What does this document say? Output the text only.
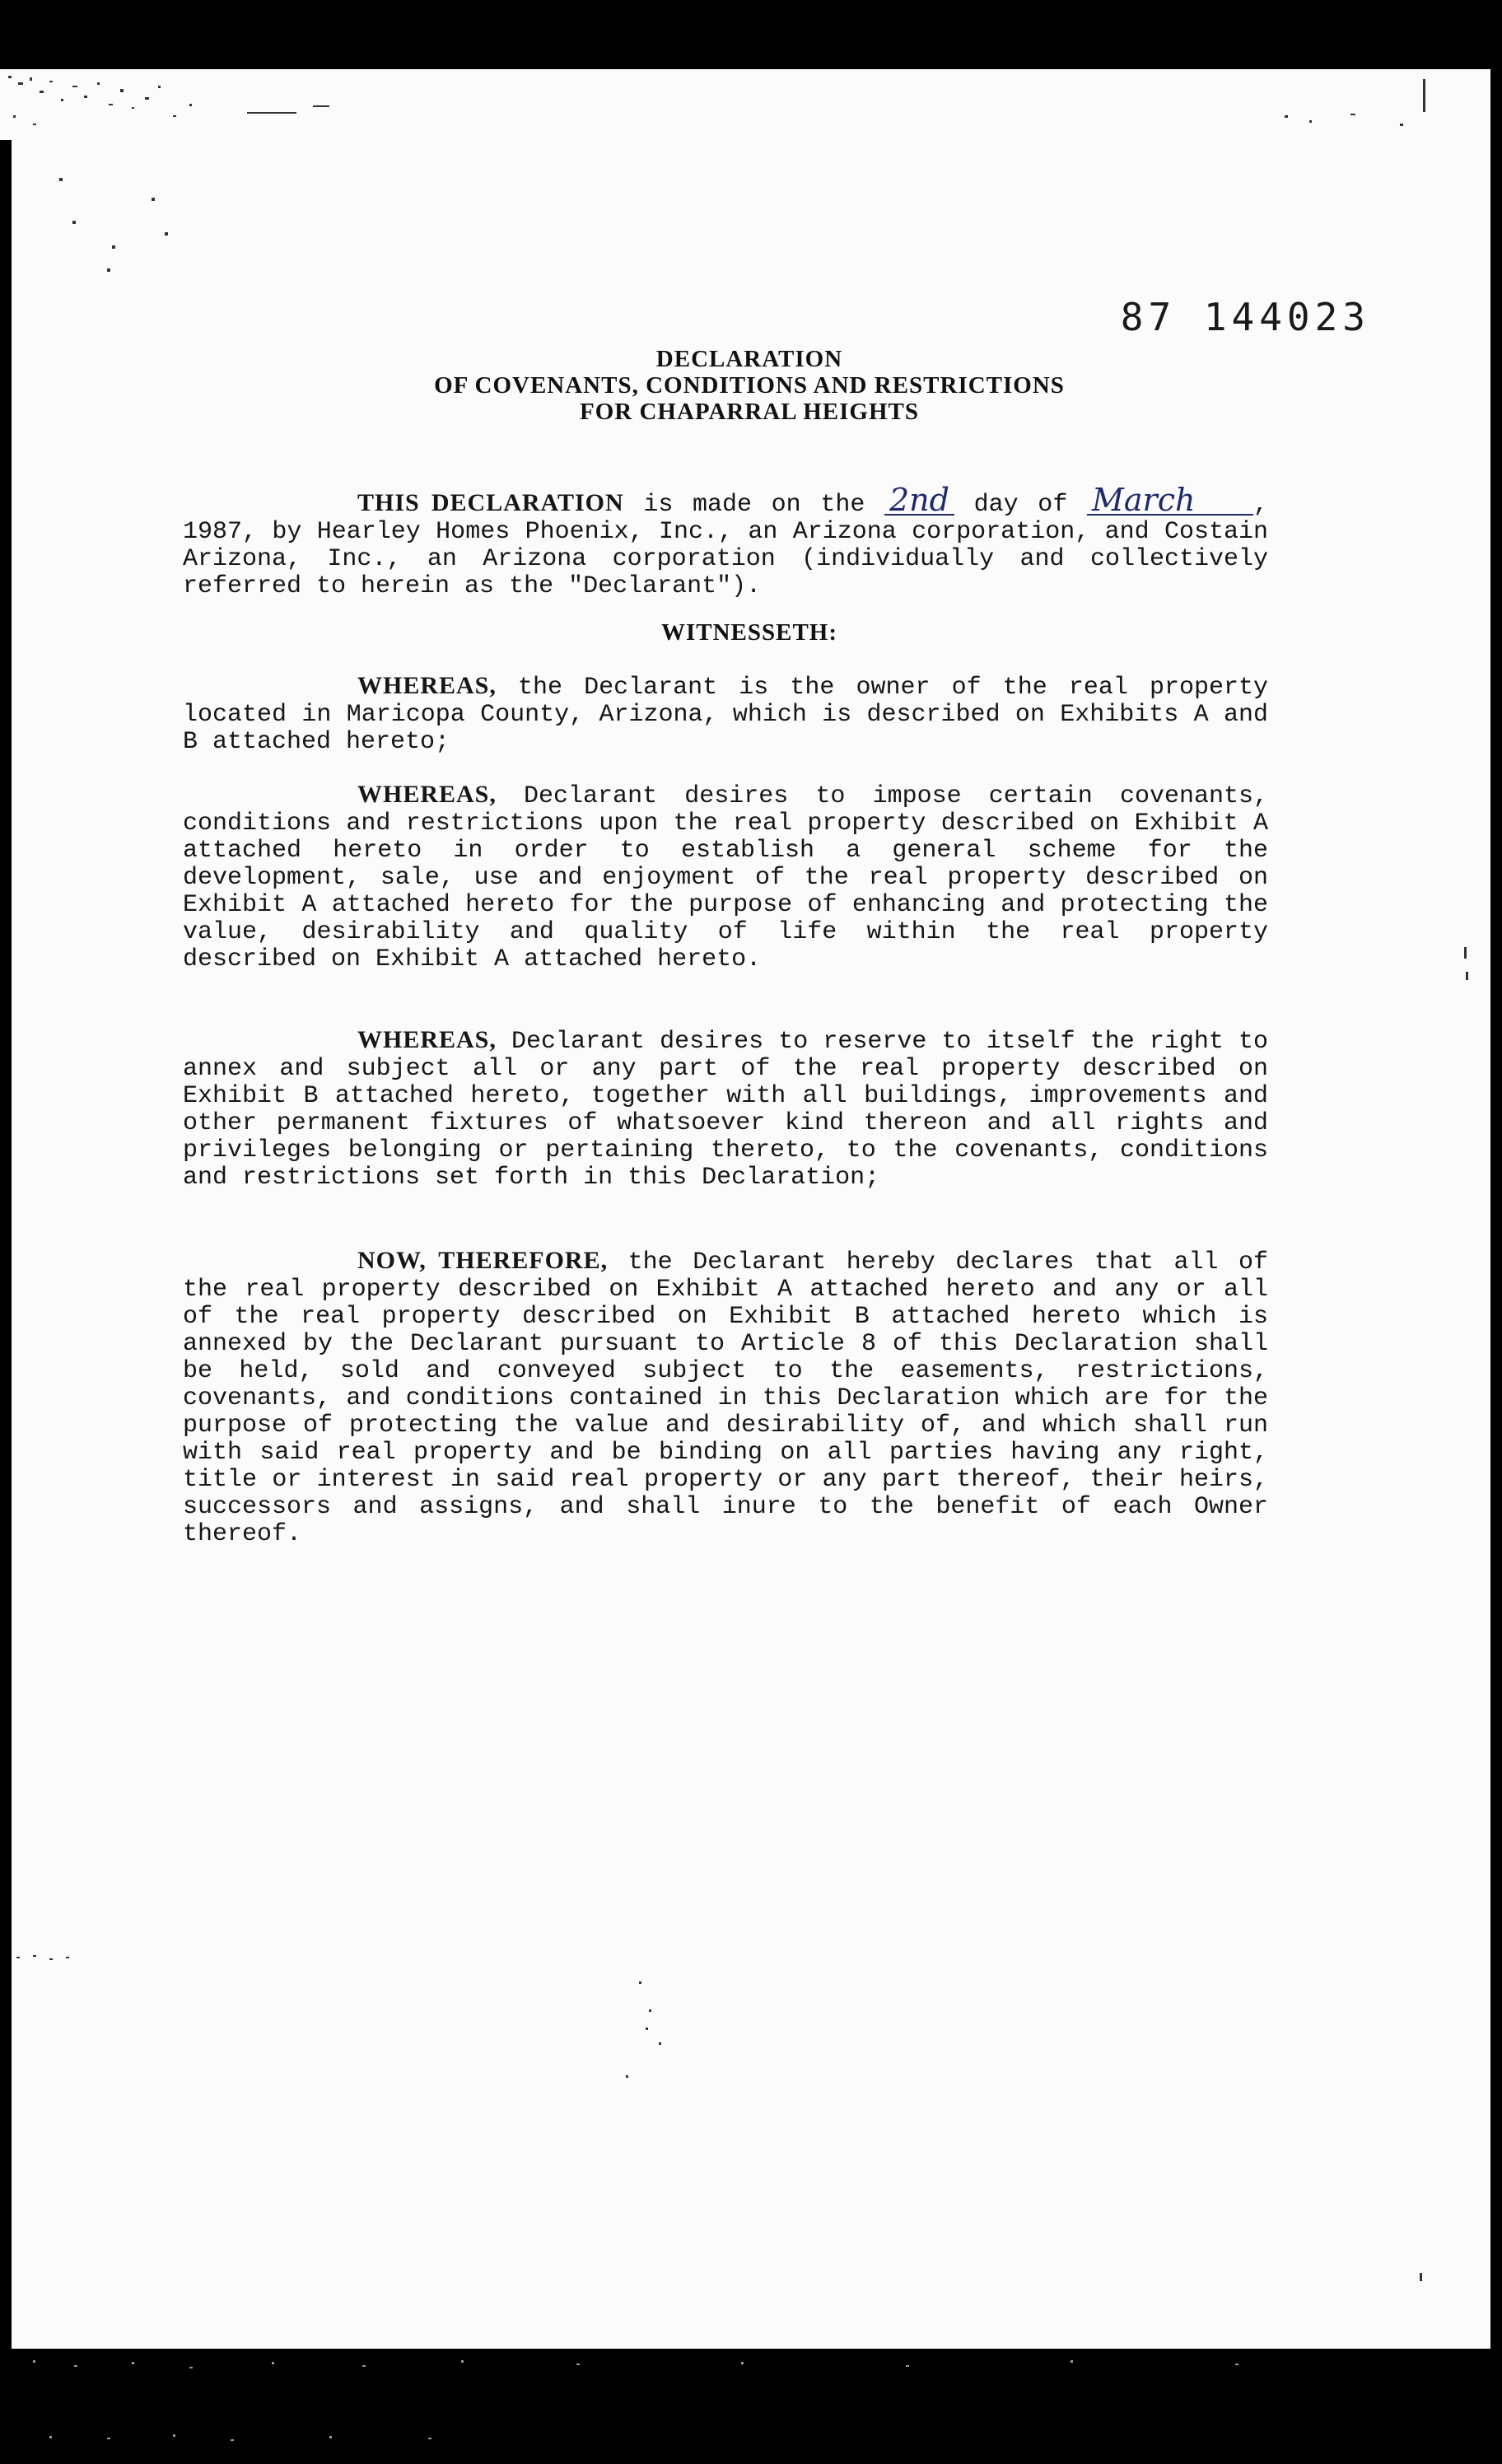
87 144023
DECLARATION
OF COVENANTS, CONDITIONS AND RESTRICTIONS
FOR CHAPARRAL HEIGHTS
THIS DECLARATION is made on the 2nd day of March , 1987, by Hearley Homes Phoenix, Inc., an Arizona corporation, and Costain Arizona, Inc., an Arizona corporation (individually and collectively referred to herein as the "Declarant").
WITNESSETH:
WHEREAS, the Declarant is the owner of the real property located in Maricopa County, Arizona, which is described on Exhibits A and B attached hereto;
WHEREAS, Declarant desires to impose certain covenants, conditions and restrictions upon the real property described on Exhibit A attached hereto in order to establish a general scheme for the development, sale, use and enjoyment of the real property described on Exhibit A attached hereto for the purpose of enhancing and protecting the value, desirability and quality of life within the real property described on Exhibit A attached hereto.
WHEREAS, Declarant desires to reserve to itself the right to annex and subject all or any part of the real property described on Exhibit B attached hereto, together with all buildings, improvements and other permanent fixtures of whatsoever kind thereon and all rights and privileges belonging or pertaining thereto, to the covenants, conditions and restrictions set forth in this Declaration;
NOW, THEREFORE, the Declarant hereby declares that all of the real property described on Exhibit A attached hereto and any or all of the real property described on Exhibit B attached hereto which is annexed by the Declarant pursuant to Article 8 of this Declaration shall be held, sold and conveyed subject to the easements, restrictions, covenants, and conditions contained in this Declaration which are for the purpose of protecting the value and desirability of, and which shall run with said real property and be binding on all parties having any right, title or interest in said real property or any part thereof, their heirs, successors and assigns, and shall inure to the benefit of each Owner thereof.
